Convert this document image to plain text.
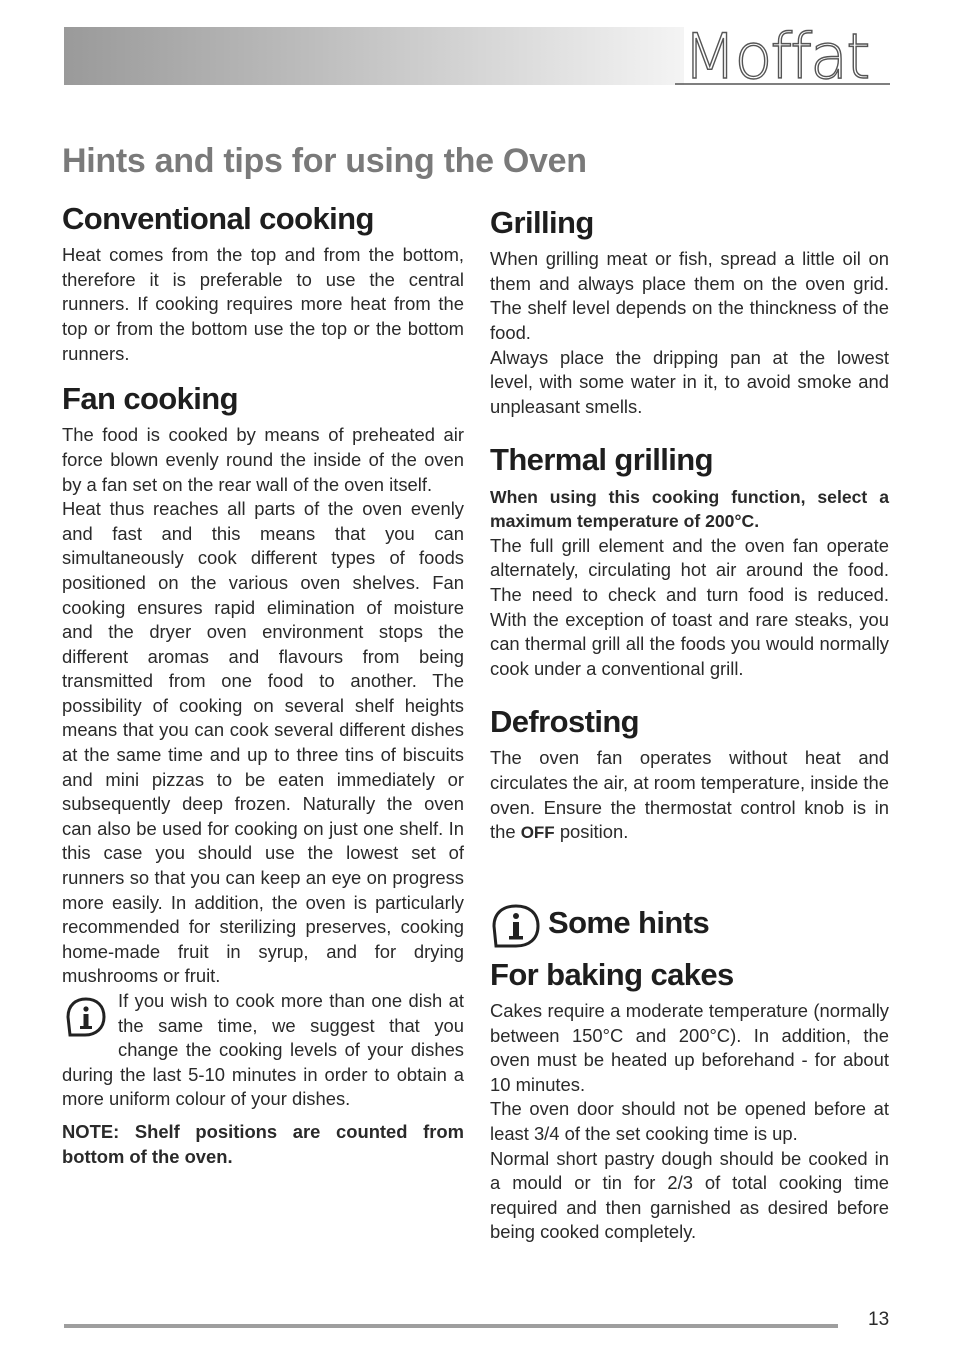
Moffat
Hints and tips for using the Oven
Conventional cooking

Heat comes from the top and from the bottom, therefore it is preferable to use the central runners. If cooking requires more heat from the top or from the bottom use the top or the bottom runners.

Fan cooking

The food is cooked by means of preheated air force blown evenly round the inside of the oven by a fan set on the rear wall of the oven itself.

Heat thus reaches all parts of the oven evenly and fast and this means that you can simultaneously cook different types of foods positioned on the various oven shelves. Fan cooking ensures rapid elimination of moisture and the dryer oven environment stops the different aromas and flavours from being transmitted from one food to another. The possibility of cooking on several shelf heights means that you can cook several different dishes at the same time and up to three tins of biscuits and mini pizzas to be eaten immediately or subsequently deep frozen. Naturally the oven can also be used for cooking on just one shelf. In this case you should use the lowest set of runners so that you can keep an eye on progress more easily. In addition, the oven is particularly recommended for sterilizing preserves, cooking home-made fruit in syrup, and for drying mushrooms or fruit.

If you wish to cook more than one dish at the same time, we suggest that you change the cooking levels of your dishes during the last 5-10 minutes in order to obtain a more uniform colour of your dishes.

NOTE: Shelf positions are counted from bottom of the oven.

Grilling

When grilling meat or fish, spread a little oil on them and always place them on the oven grid. The shelf level depends on the thinckness of the food.

Always place the dripping pan at the lowest level, with some water in it, to avoid smoke and unpleasant smells.

Thermal grilling

When using this cooking function, select a maximum temperature of 200°C.

The full grill element and the oven fan operate alternately, circulating hot air around the food. The need to check and turn food is reduced. With the exception of toast and rare steaks, you can thermal grill all the foods you would normally cook under a conventional grill.

Defrosting

The oven fan operates without heat and circulates the air, at room temperature, inside the oven. Ensure the thermostat control knob is in the OFF position.

Some hints
For baking cakes

Cakes require a moderate temperature (normally between 150°C and 200°C). In addition, the oven must be heated up beforehand - for about 10 minutes.

The oven door should not be opened before at least 3/4 of the set cooking time is up.

Normal short pastry dough should be cooked in a mould or tin for 2/3 of total cooking time required and then garnished as desired before being cooked completely.

13
